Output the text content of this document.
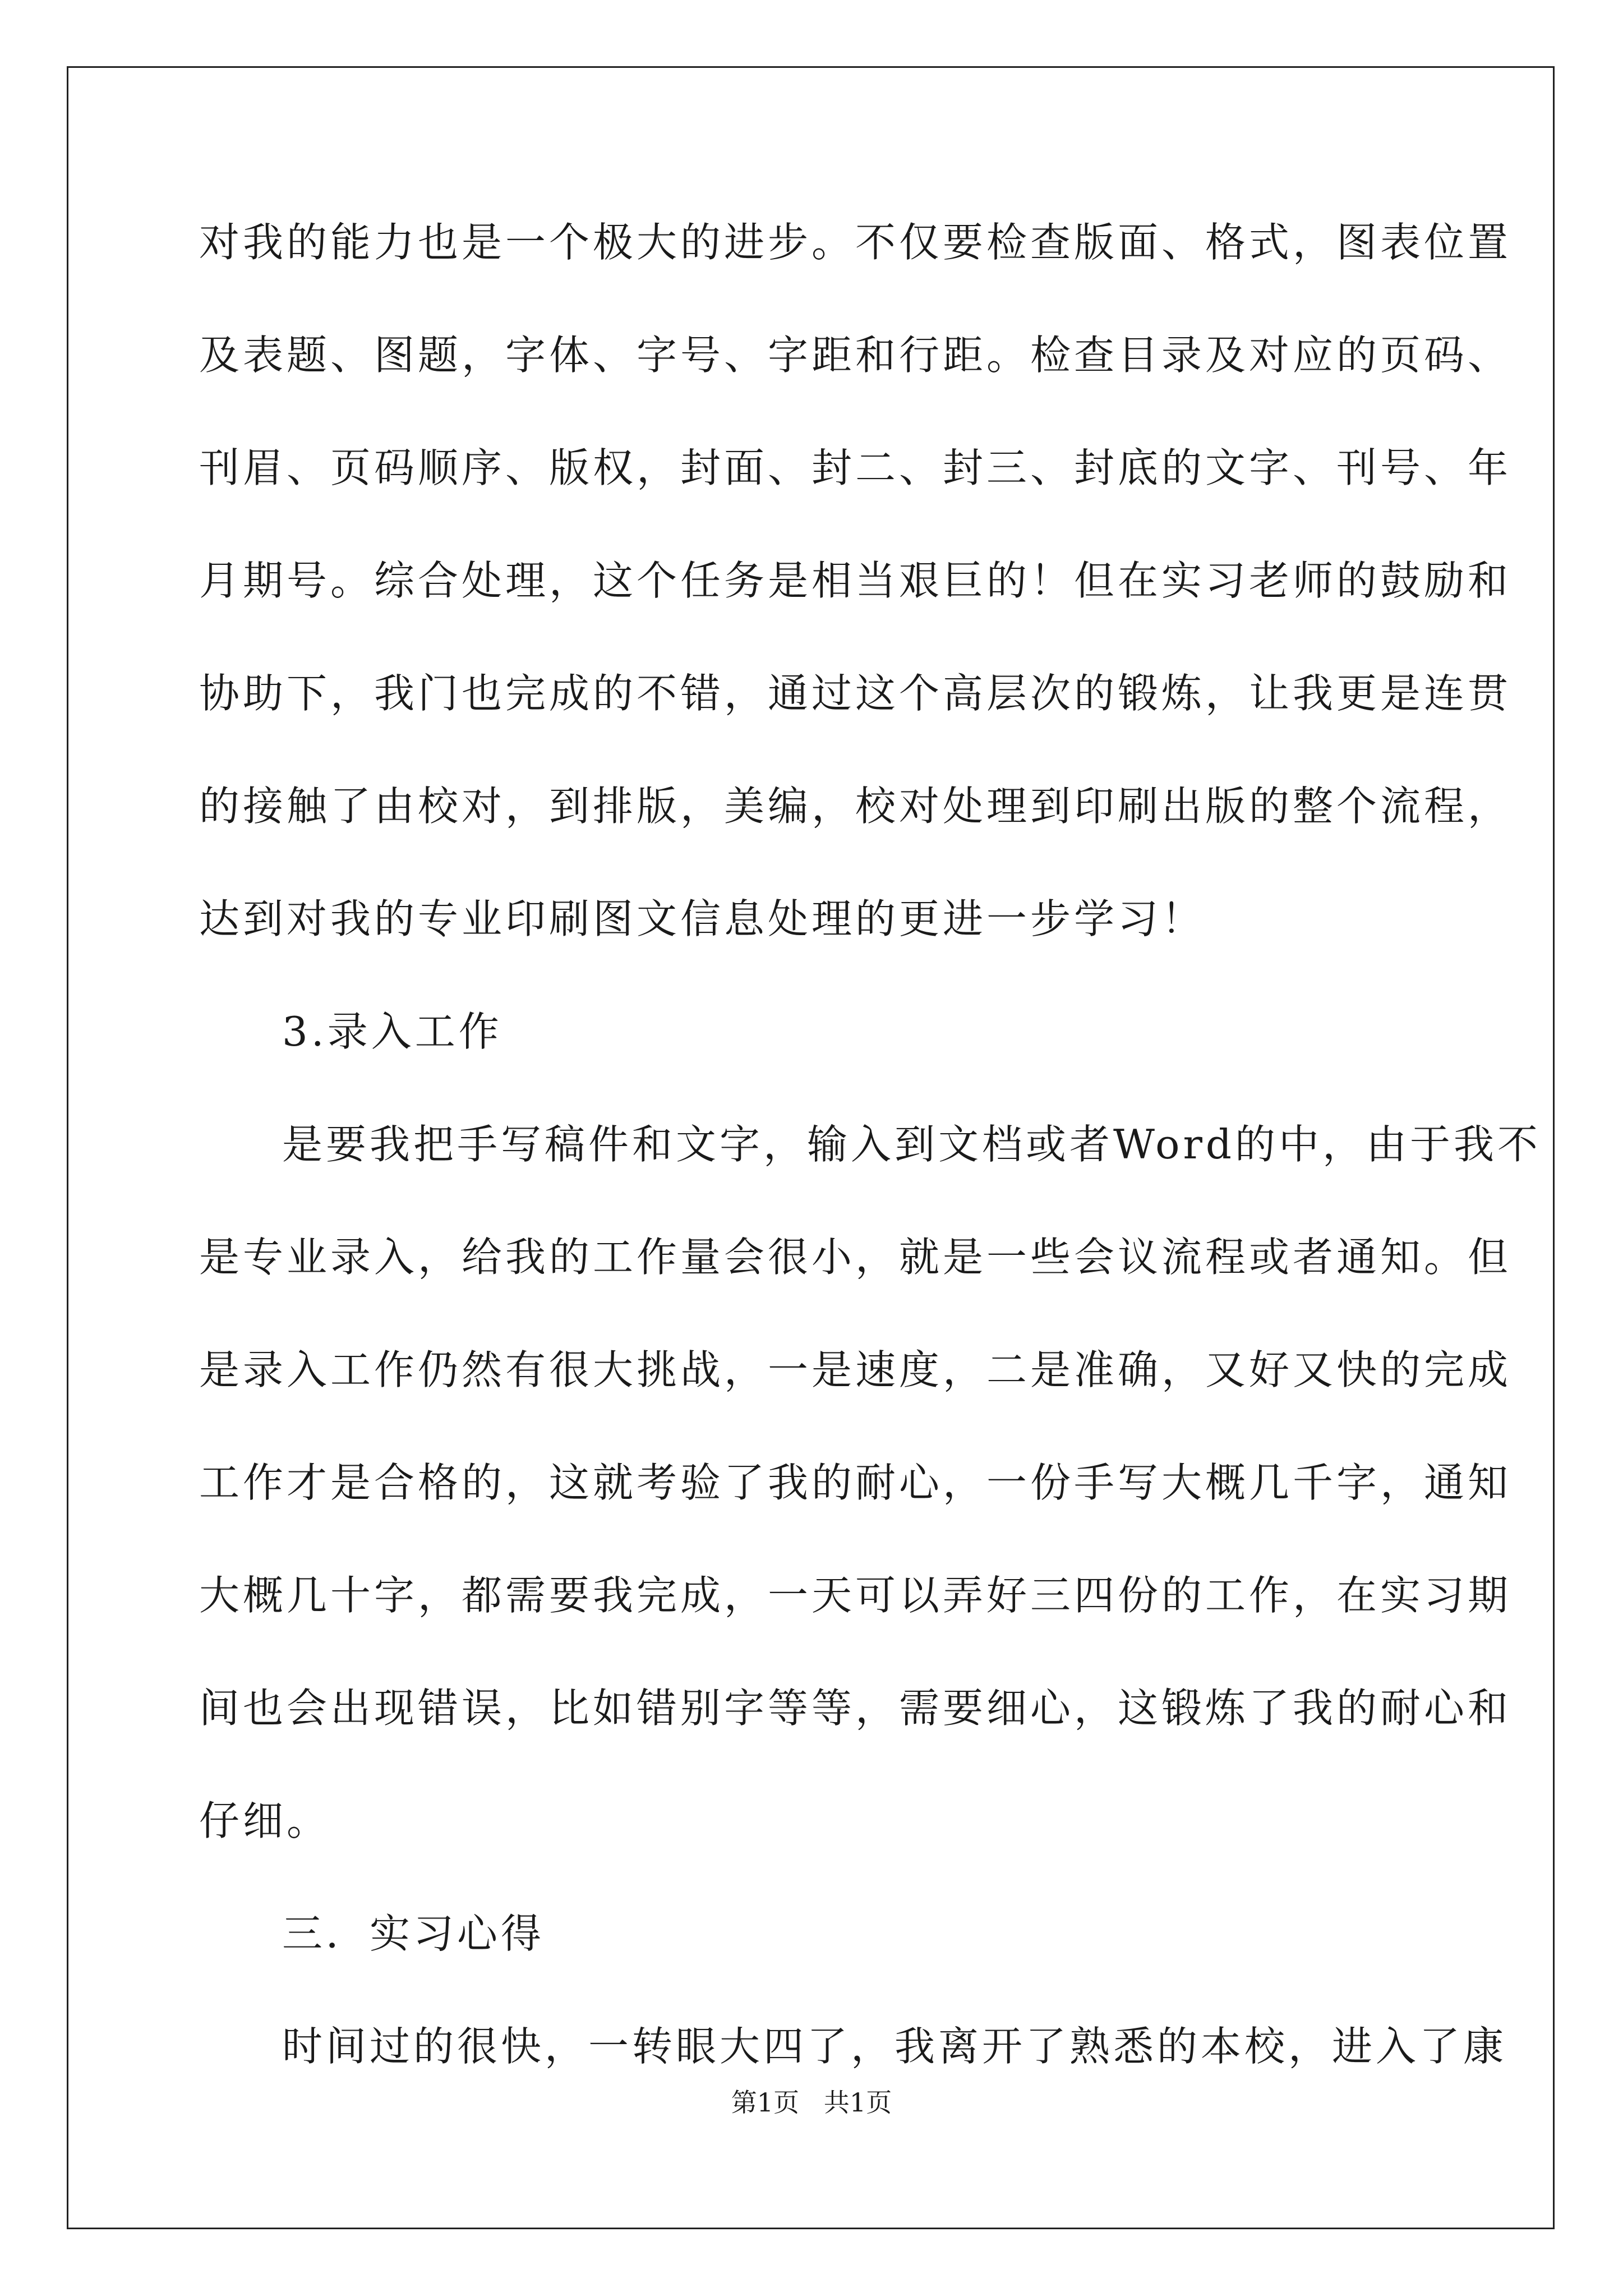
对我的能力也是一个极大的进步。不仅要检查版面、格式，图表位置
及表题、图题，字体、字号、字距和行距。检查目录及对应的页码、
刊眉、页码顺序、版权，封面、封二、封三、封底的文字、刊号、年
月期号。综合处理，这个任务是相当艰巨的！但在实习老师的鼓励和
协助下，我门也完成的不错，通过这个高层次的锻炼，让我更是连贯
的接触了由校对，到排版，美编，校对处理到印刷出版的整个流程，
达到对我的专业印刷图文信息处理的更进一步学习！
3.录入工作
是要我把手写稿件和文字，输入到文档或者Word的中，由于我不
是专业录入，给我的工作量会很小，就是一些会议流程或者通知。但
是录入工作仍然有很大挑战，一是速度，二是准确，又好又快的完成
工作才是合格的，这就考验了我的耐心，一份手写大概几千字，通知
大概几十字，都需要我完成，一天可以弄好三四份的工作，在实习期
间也会出现错误，比如错别字等等，需要细心，这锻炼了我的耐心和
仔细。
三．实习心得
时间过的很快，一转眼大四了，我离开了熟悉的本校，进入了康
第1页   共1页
